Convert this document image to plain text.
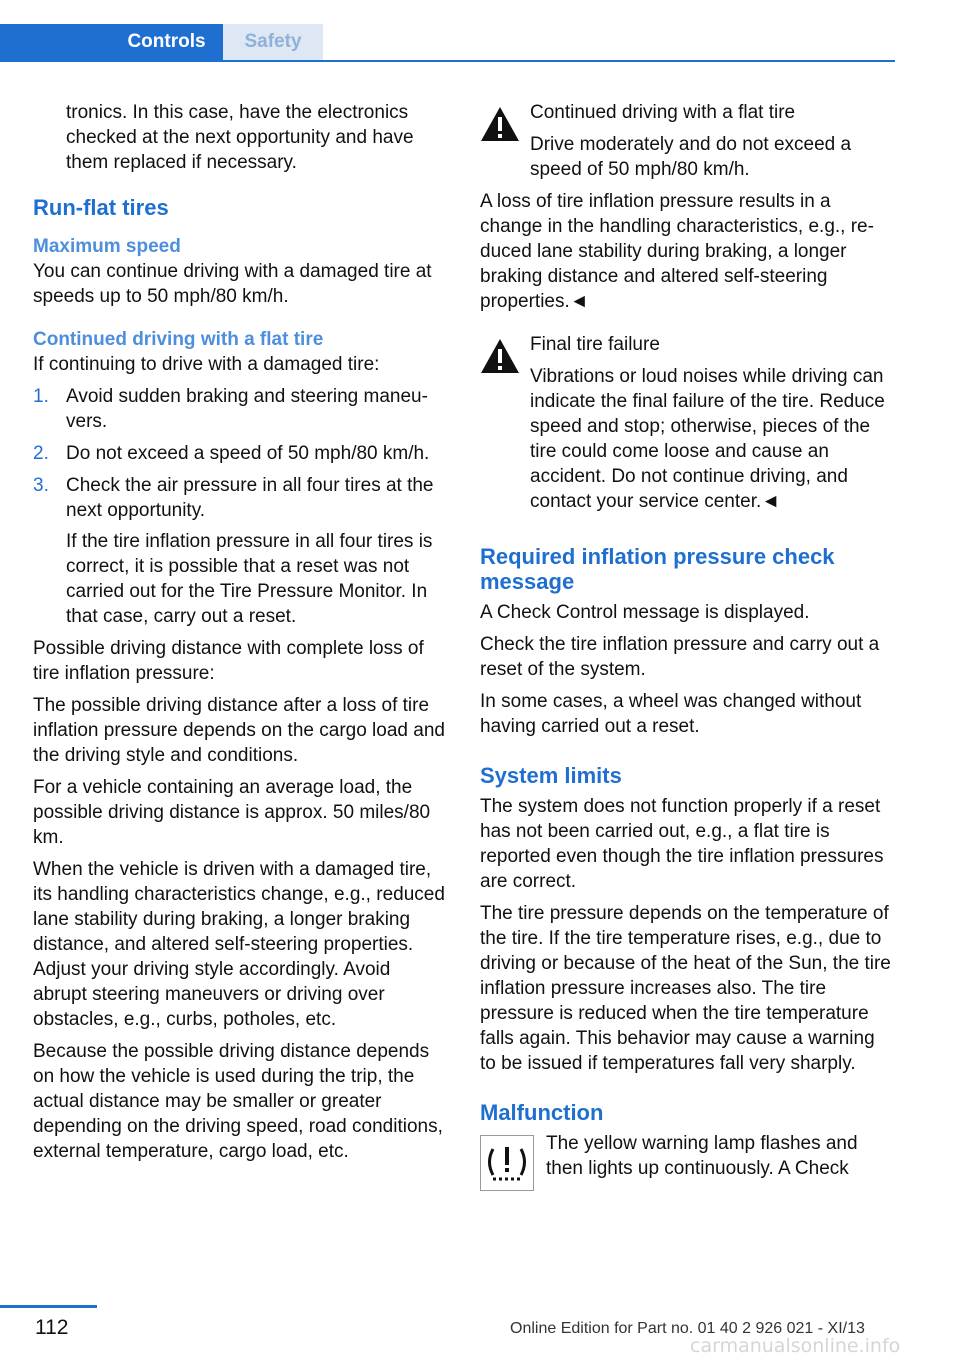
Controls	Safety

tronics. In this case, have the electronics checked at the next opportunity and have them replaced if necessary.

Run-flat tires
Maximum speed

You can continue driving with a damaged tire at speeds up to 50 mph/80 km/h.

Continued driving with a flat tire

If continuing to drive with a damaged tire:

1. Avoid sudden braking and steering maneuvers.
2. Do not exceed a speed of 50 mph/80 km/h.
3. Check the air pressure in all four tires at the next opportunity.

If the tire inflation pressure in all four tires is correct, it is possible that a reset was not carried out for the Tire Pressure Monitor. In that case, carry out a reset.

Possible driving distance with complete loss of tire inflation pressure:

The possible driving distance after a loss of tire inflation pressure depends on the cargo load and the driving style and conditions.

For a vehicle containing an average load, the possible driving distance is approx. 50 miles/80 km.

When the vehicle is driven with a damaged tire, its handling characteristics change, e.g., reduced lane stability during braking, a longer braking distance, and altered self-steering properties. Adjust your driving style accordingly. Avoid abrupt steering maneuvers or driving over obstacles, e.g., curbs, potholes, etc.

Because the possible driving distance depends on how the vehicle is used during the trip, the actual distance may be smaller or greater depending on the driving speed, road conditions, external temperature, cargo load, etc.

Continued driving with a flat tire

Drive moderately and do not exceed a speed of 50 mph/80 km/h.

A loss of tire inflation pressure results in a change in the handling characteristics, e.g., reduced lane stability during braking, a longer braking distance and altered self-steering properties.◄

Final tire failure

Vibrations or loud noises while driving can indicate the final failure of the tire. Reduce speed and stop; otherwise, pieces of the tire could come loose and cause an accident. Do not continue driving, and contact your service center.◄

Required inflation pressure check message

A Check Control message is displayed.

Check the tire inflation pressure and carry out a reset of the system.

In some cases, a wheel was changed without having carried out a reset.

System limits

The system does not function properly if a reset has not been carried out, e.g., a flat tire is reported even though the tire inflation pressures are correct.

The tire pressure depends on the temperature of the tire. If the tire temperature rises, e.g., due to driving or because of the heat of the Sun, the tire inflation pressure increases also. The tire pressure is reduced when the tire temperature falls again. This behavior may cause a warning to be issued if temperatures fall very sharply.

Malfunction

The yellow warning lamp flashes and then lights up continuously. A Check

112	Online Edition for Part no. 01 40 2 926 021 - XI/13
carmanualsonline.info
